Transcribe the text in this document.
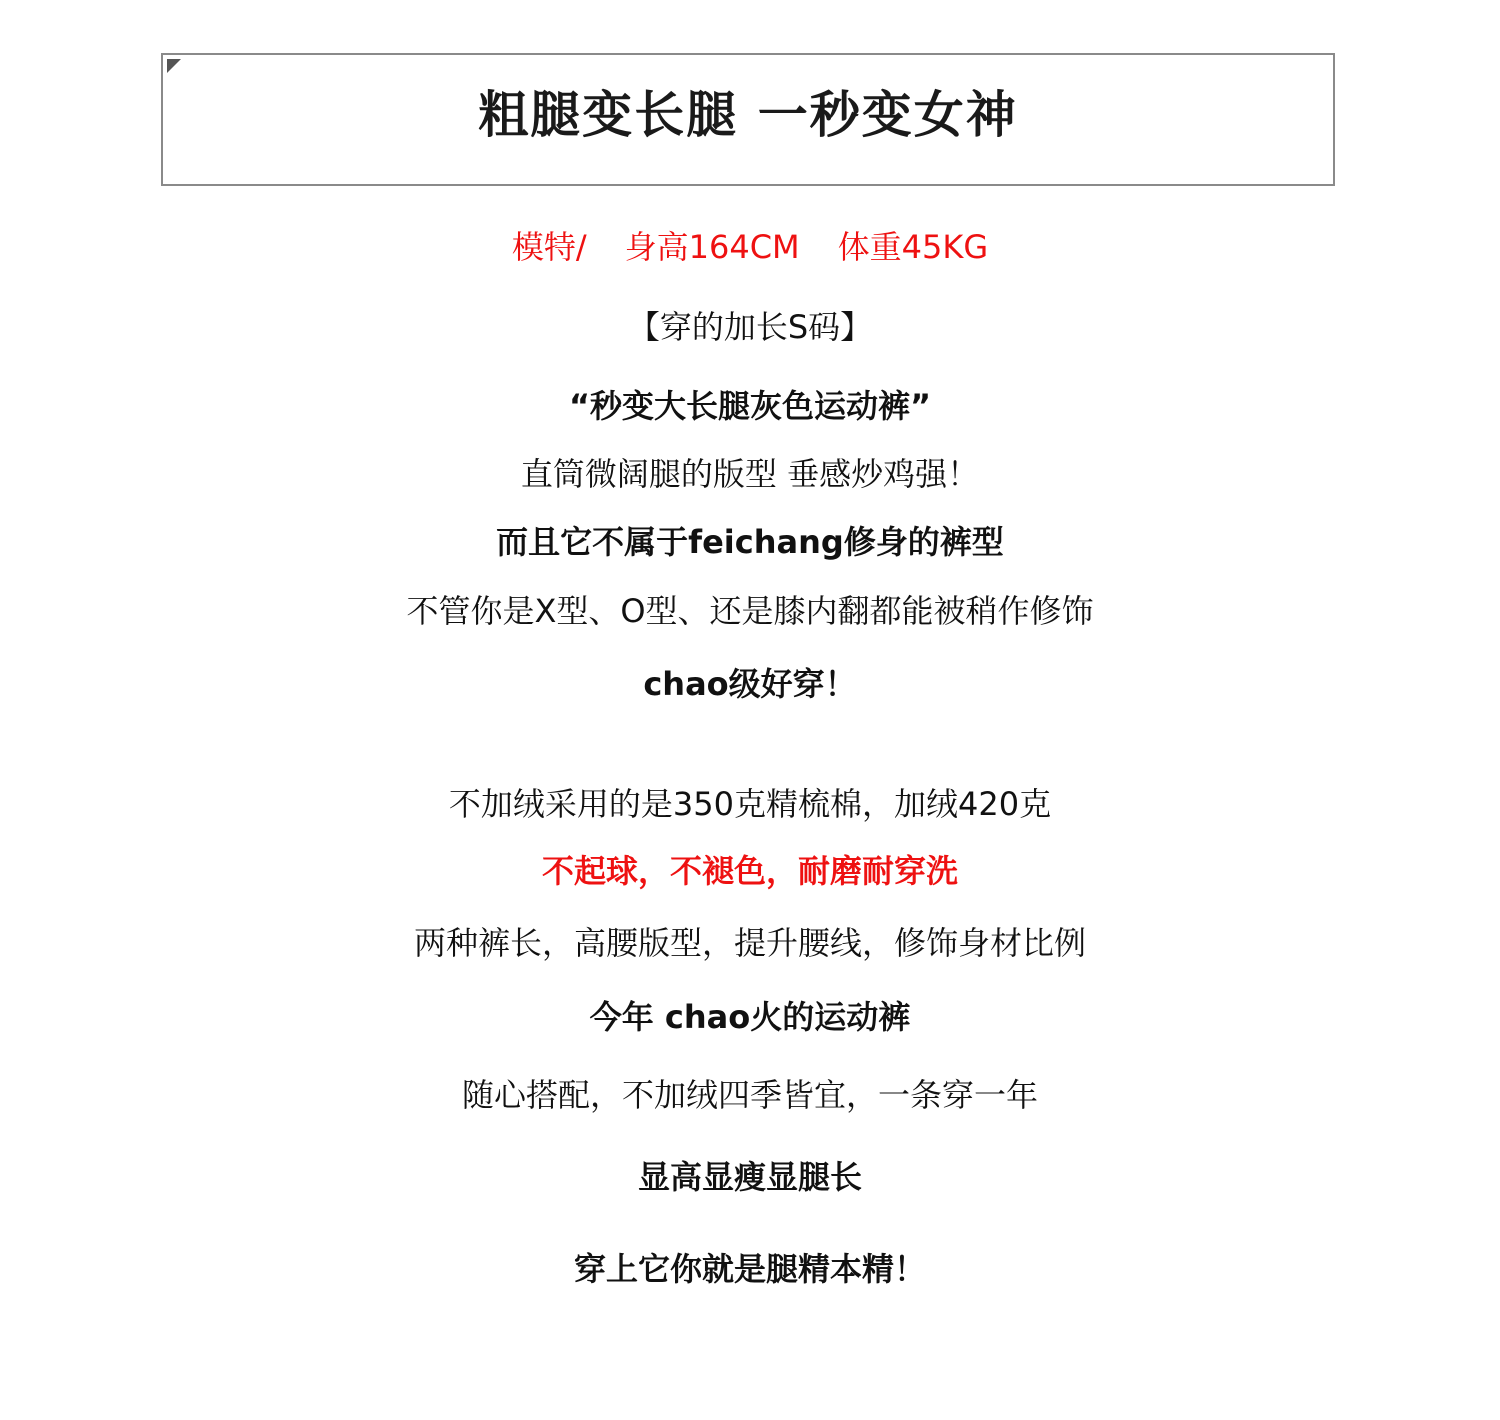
粗腿变长腿 一秒变女神
模特/ 身高164CM 体重45KG
【穿的加长S码】
“秒变大长腿灰色运动裤”
直筒微阔腿的版型 垂感炒鸡强！
而且它不属于feichang修身的裤型
不管你是X型、O型、还是膝内翻都能被稍作修饰
chao级好穿！
不加绒采用的是350克精梳棉，加绒420克
不起球，不褪色，耐磨耐穿洗
两种裤长，高腰版型，提升腰线，修饰身材比例
今年 chao火的运动裤
随心搭配，不加绒四季皆宜，一条穿一年
显高显瘦显腿长
穿上它你就是腿精本精！
